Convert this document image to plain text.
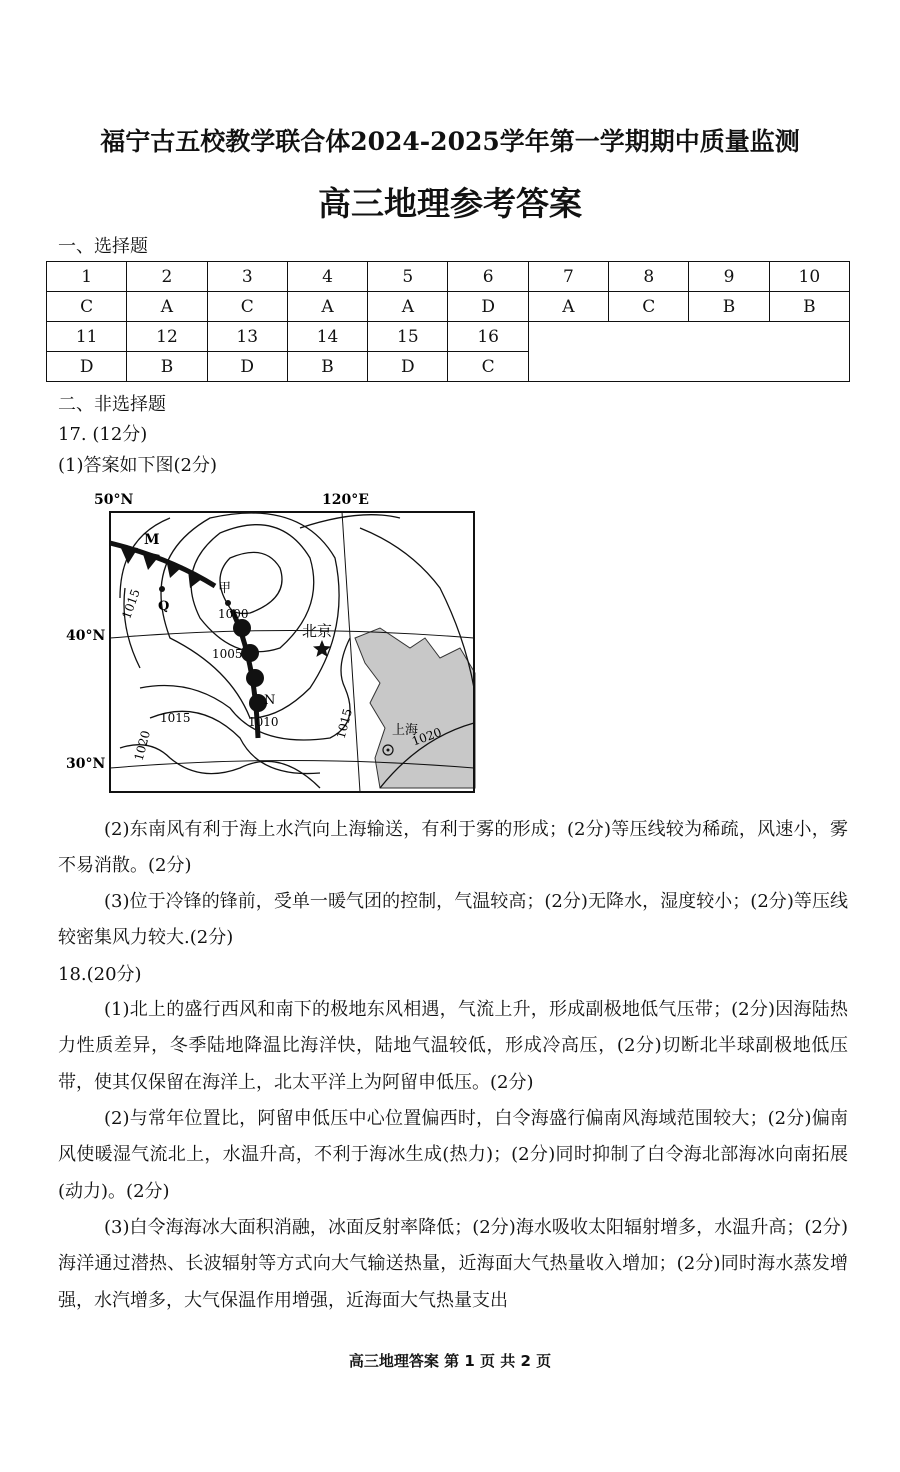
福宁古五校教学联合体2024-2025学年第一学期期中质量监测
高三地理参考答案
一、选择题
1	2	3	4	5	6	7	8	9	10
C	A	C	A	A	D	A	C	B	B
11	12	13	14	15	16				
D	B	D	B	D	C				
二、非选择题
17. (12分)
(1)答案如下图(2分)
50°N	120°E
40°N
30°N
M
Q
甲
N
北京
上海
1000
1005
1010
1015
1015	1015
1020	1020
(2)东南风有利于海上水汽向上海输送，有利于雾的形成；(2分)等压线较为稀疏，风速小，雾不易消散。(2分)
(3)位于冷锋的锋前，受单一暖气团的控制，气温较高；(2分)无降水，湿度较小；(2分)等压线较密集风力较大.(2分)
18.(20分)
(1)北上的盛行西风和南下的极地东风相遇，气流上升，形成副极地低气压带；(2分)因海陆热力性质差异，冬季陆地降温比海洋快，陆地气温较低，形成冷高压，(2分)切断北半球副极地低压带，使其仅保留在海洋上，北太平洋上为阿留申低压。(2分)
(2)与常年位置比，阿留申低压中心位置偏西时，白令海盛行偏南风海域范围较大；(2分)偏南风使暖湿气流北上，水温升高，不利于海冰生成(热力)；(2分)同时抑制了白令海北部海冰向南拓展(动力)。(2分)
(3)白令海海冰大面积消融，冰面反射率降低；(2分)海水吸收太阳辐射增多，水温升高；(2分)海洋通过潜热、长波辐射等方式向大气输送热量，近海面大气热量收入增加；(2分)同时海水蒸发增强，水汽增多，大气保温作用增强，近海面大气热量支出
高三地理答案 第 1 页 共 2 页
